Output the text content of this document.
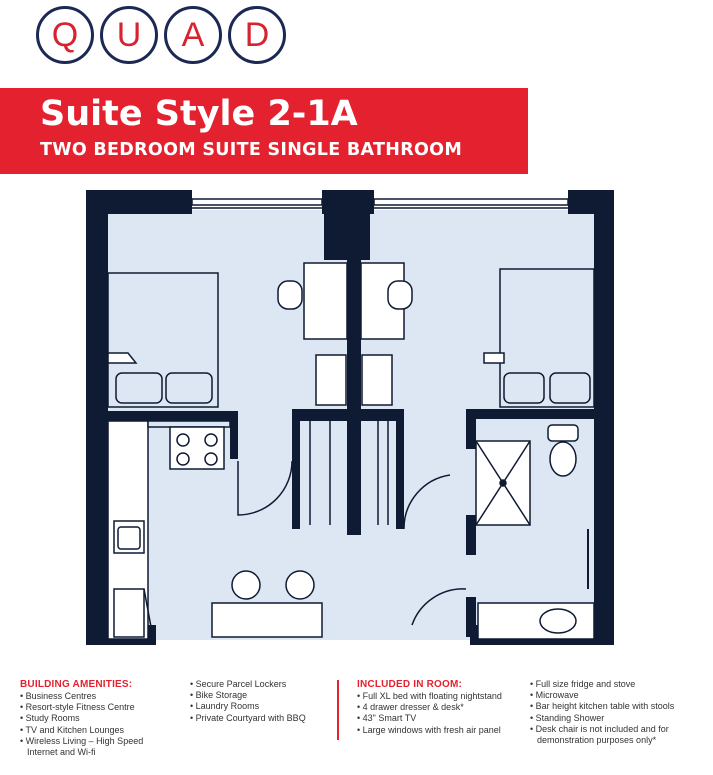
Q	U	A	D
Suite Style 2-1A
TWO BEDROOM SUITE SINGLE BATHROOM
BUILDING AMENITIES:
• Business Centres
• Resort-style Fitness Centre
• Study Rooms
• TV and Kitchen Lounges
• Wireless Living – High Speed
Internet and Wi-fi
• Secure Parcel Lockers
• Bike Storage
• Laundry Rooms
• Private Courtyard with BBQ
INCLUDED IN ROOM:
• Full XL bed with floating nightstand
• 4 drawer dresser & desk*
• 43" Smart TV
• Large windows with fresh air panel
• Full size fridge and stove
• Microwave
• Bar height kitchen table with stools
• Standing Shower
• Desk chair is not included and for
demonstration purposes only*
